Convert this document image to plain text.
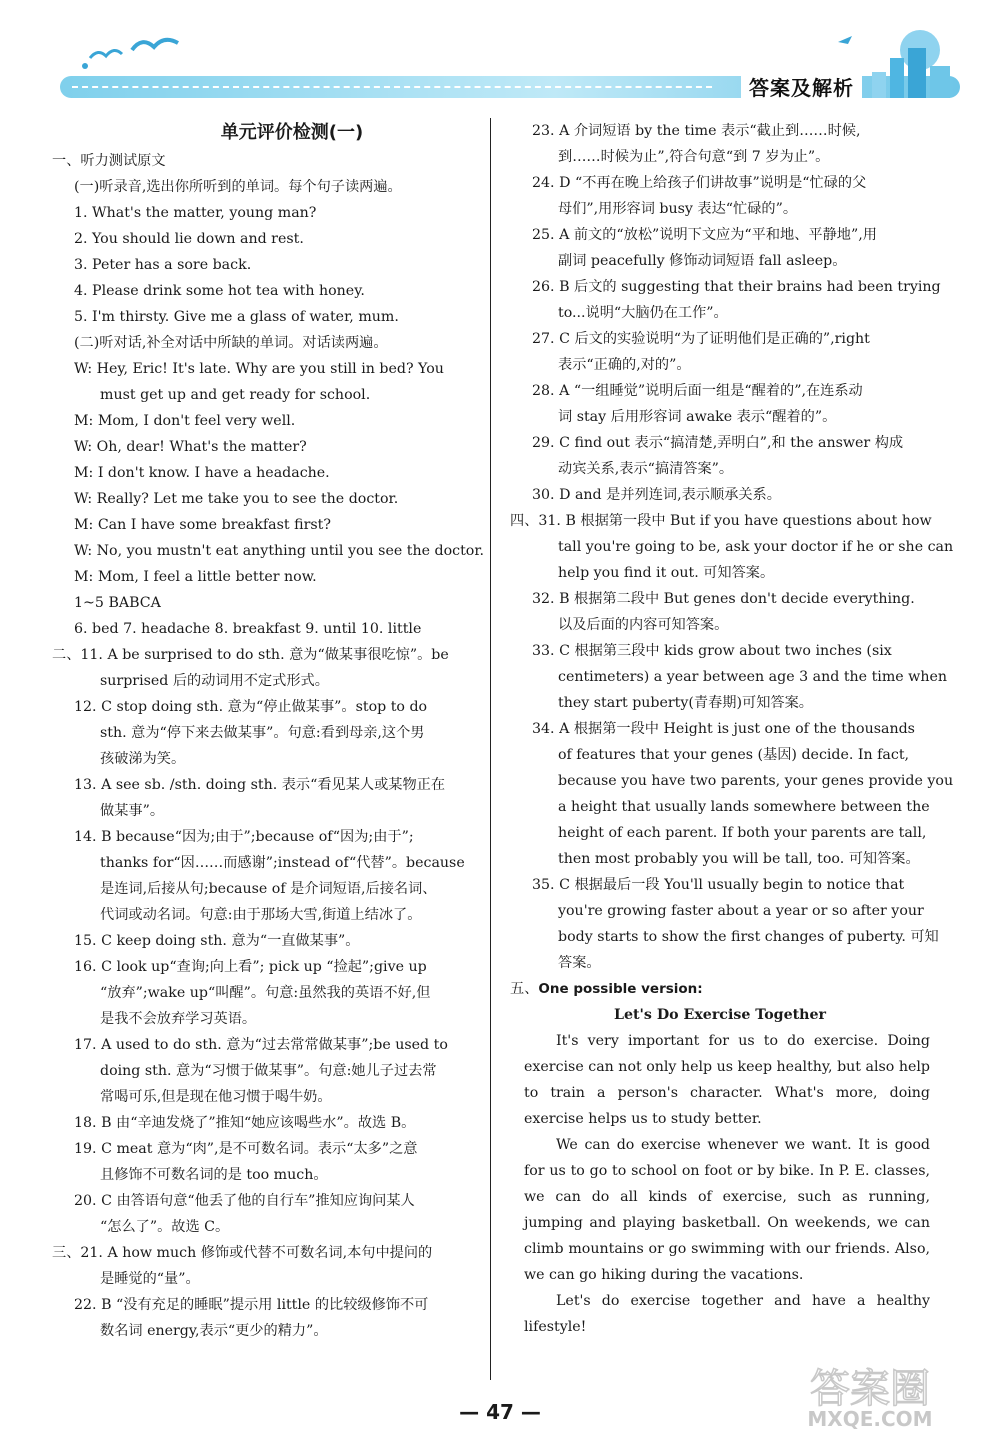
答案及解析
单元评价检测(一)
一、听力测试原文
(一)听录音,选出你所听到的单词。每个句子读两遍。
1. What's the matter, young man?
2. You should lie down and rest.
3. Peter has a sore back.
4. Please drink some hot tea with honey.
5. I'm thirsty. Give me a glass of water, mum.
(二)听对话,补全对话中所缺的单词。对话读两遍。
W: Hey, Eric! It's late. Why are you still in bed? You
must get up and get ready for school.
M: Mom, I don't feel very well.
W: Oh, dear! What's the matter?
M: I don't know. I have a headache.
W: Really? Let me take you to see the doctor.
M: Can I have some breakfast first?
W: No, you mustn't eat anything until you see the doctor.
M: Mom, I feel a little better now.
1~5 BABCA
6. bed 7. headache 8. breakfast 9. until 10. little
二、11. A be surprised to do sth. 意为“做某事很吃惊”。be
surprised 后的动词用不定式形式。
12. C stop doing sth. 意为“停止做某事”。stop to do
sth. 意为“停下来去做某事”。句意:看到母亲,这个男
孩破涕为笑。
13. A see sb. /sth. doing sth. 表示“看见某人或某物正在
做某事”。
14. B because“因为;由于”;because of“因为;由于”;
thanks for“因……而感谢”;instead of“代替”。because
是连词,后接从句;because of 是介词短语,后接名词、
代词或动名词。句意:由于那场大雪,街道上结冰了。
15. C keep doing sth. 意为“一直做某事”。
16. C look up“查询;向上看”; pick up “捡起”;give up
“放弃”;wake up“叫醒”。句意:虽然我的英语不好,但
是我不会放弃学习英语。
17. A used to do sth. 意为“过去常常做某事”;be used to
doing sth. 意为“习惯于做某事”。句意:她儿子过去常
常喝可乐,但是现在他习惯于喝牛奶。
18. B 由“辛迪发烧了”推知“她应该喝些水”。故选 B。
19. C meat 意为“肉”,是不可数名词。表示“太多”之意
且修饰不可数名词的是 too much。
20. C 由答语句意“他丢了他的自行车”推知应询问某人
“怎么了”。故选 C。
三、21. A how much 修饰或代替不可数名词,本句中提问的
是睡觉的“量”。
22. B “没有充足的睡眠”提示用 little 的比较级修饰不可
数名词 energy,表示“更少的精力”。
23. A 介词短语 by the time 表示“截止到……时候,
到……时候为止”,符合句意“到 7 岁为止”。
24. D “不再在晚上给孩子们讲故事”说明是“忙碌的父
母们”,用形容词 busy 表达“忙碌的”。
25. A 前文的“放松”说明下文应为“平和地、平静地”,用
副词 peacefully 修饰动词短语 fall asleep。
26. B 后文的 suggesting that their brains had been trying
to...说明“大脑仍在工作”。
27. C 后文的实验说明“为了证明他们是正确的”,right
表示“正确的,对的”。
28. A “一组睡觉”说明后面一组是“醒着的”,在连系动
词 stay 后用形容词 awake 表示“醒着的”。
29. C find out 表示“搞清楚,弄明白”,和 the answer 构成
动宾关系,表示“搞清答案”。
30. D and 是并列连词,表示顺承关系。
四、31. B 根据第一段中 But if you have questions about how
tall you're going to be, ask your doctor if he or she can
help you find it out. 可知答案。
32. B 根据第二段中 But genes don't decide everything.
以及后面的内容可知答案。
33. C 根据第三段中 kids grow about two inches (six
centimeters) a year between age 3 and the time when
they start puberty(青春期)可知答案。
34. A 根据第一段中 Height is just one of the thousands
of features that your genes (基因) decide. In fact,
because you have two parents, your genes provide you
a height that usually lands somewhere between the
height of each parent. If both your parents are tall,
then most probably you will be tall, too. 可知答案。
35. C 根据最后一段 You'll usually begin to notice that
you're growing faster about a year or so after your
body starts to show the first changes of puberty. 可知
答案。
五、One possible version:
Let's Do Exercise Together
It's very important for us to do exercise. Doing exercise can not only help us keep healthy, but also help to train a person's character. What's more, doing exercise helps us to study better.
We can do exercise whenever we want. It is good for us to go to school on foot or by bike. In P. E. classes, we can do all kinds of exercise, such as running, jumping and playing basketball. On weekends, we can climb mountains or go swimming with our friends. Also, we can go hiking during the vacations.
Let's do exercise together and have a healthy lifestyle!
— 47 —	答案圈
MXQE.COM
